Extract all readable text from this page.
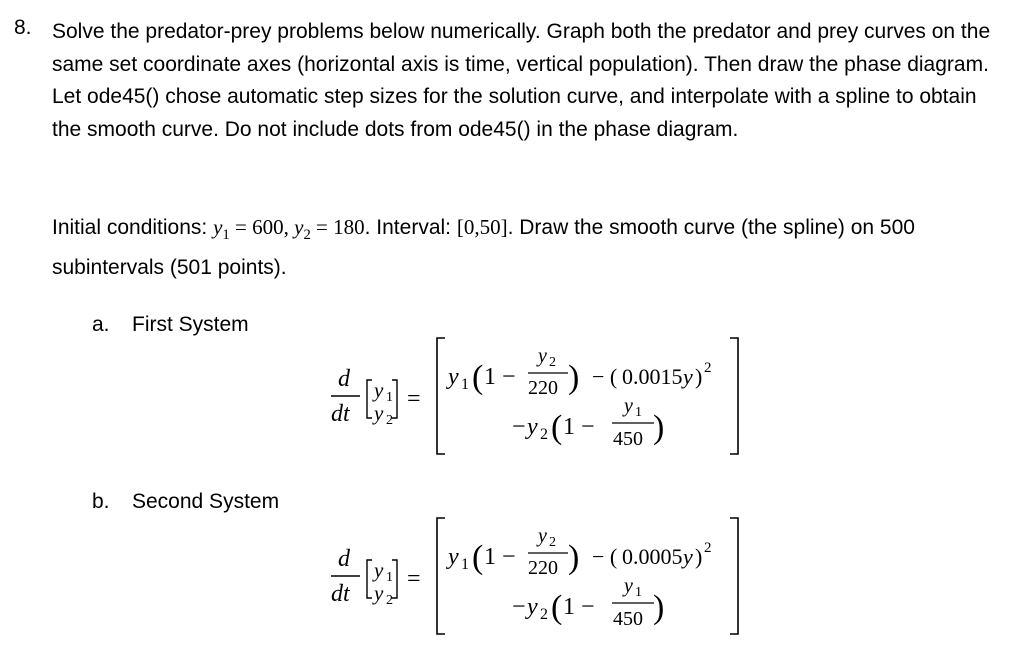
8. Solve the predator-prey problems below numerically. Graph both the predator and prey curves on the same set coordinate axes (horizontal axis is time, vertical population). Then draw the phase diagram. Let ode45() chose automatic step sizes for the solution curve, and interpolate with a spline to obtain the smooth curve. Do not include dots from ode45() in the phase diagram.
Initial conditions: $y_1 = 600$, $y_2 = 180$. Interval: [0,50]. Draw the smooth curve (the spline) on 500 subintervals (501 points).
a. First System
d
dt
y 1
y 2
=
y 1 ( 1 −
y 2
220 ) − ( 0.0015 y ) 2
− y 2 ( 1 −
y 1
450 )
b. Second System
d
dt
y 1
y 2
=
y 1 ( 1 −
y 2
220 ) − ( 0.0005 y ) 2
− y 2 ( 1 −
y 1
450 )
